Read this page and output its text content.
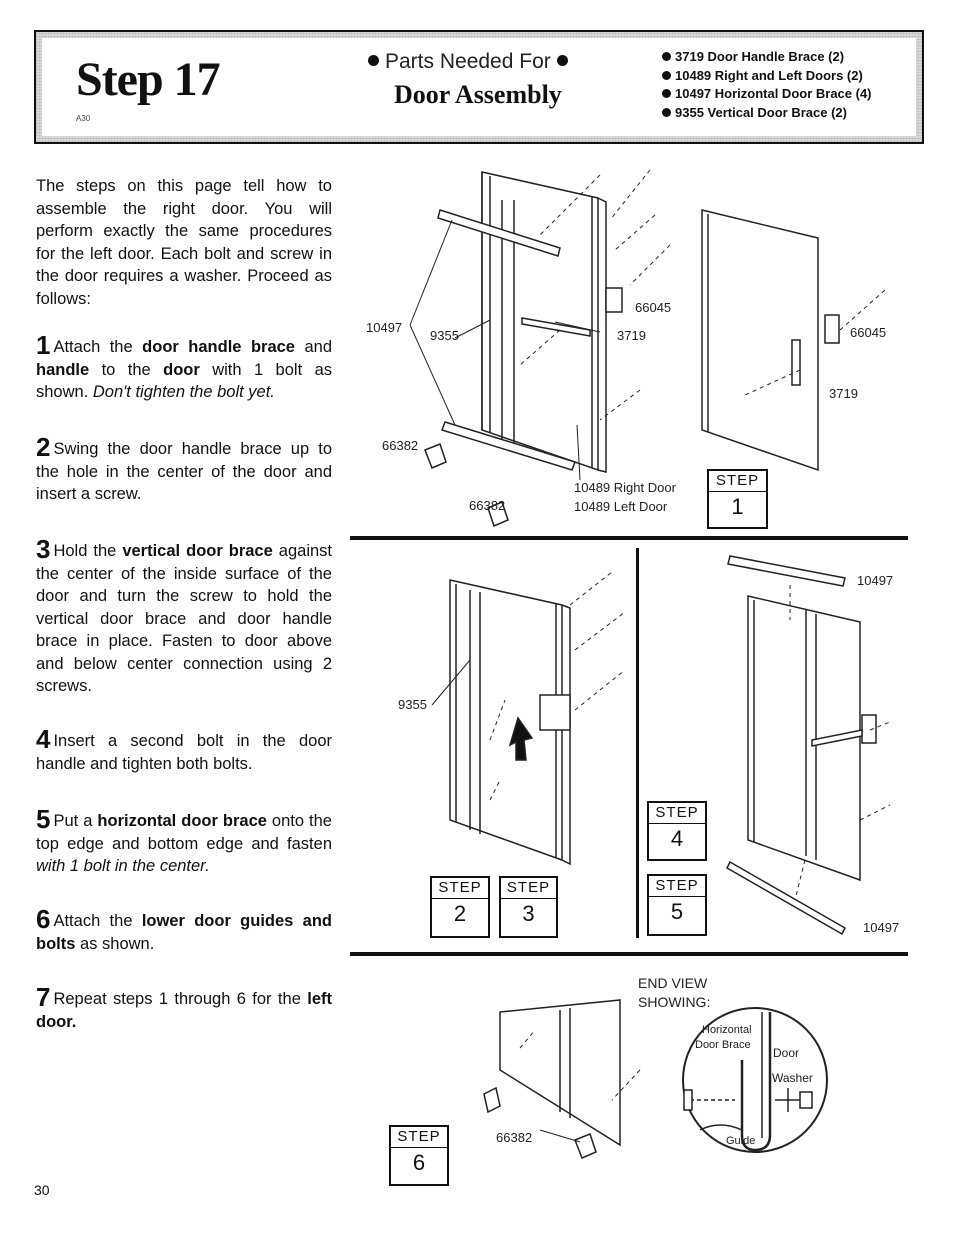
Step 17
A30
Parts Needed For
Door Assembly
3719 Door Handle Brace (2)
10489 Right and Left Doors (2)
10497 Horizontal Door Brace (4)
9355 Vertical Door Brace (2)
The steps on this page tell how to assemble the right door. You will perform exactly the same procedures for the left door. Each bolt and screw in the door requires a washer. Proceed as follows:
1 Attach the door handle brace and handle to the door with 1 bolt as shown. Don't tighten the bolt yet.
2 Swing the door handle brace up to the hole in the center of the door and insert a screw.
3 Hold the vertical door brace against the center of the inside surface of the door and turn the screw to hold the vertical door brace and door handle brace in place. Fasten to door above and below center connection using 2 screws.
4 Insert a second bolt in the door handle and tighten both bolts.
5 Put a horizontal door brace onto the top edge and bottom edge and fasten with 1 bolt in the center.
6 Attach the lower door guides and bolts as shown.
7 Repeat steps 1 through 6 for the left door.
30
10497
9355
66045
3719	66045
3719
66382
66382
10489 Right Door
10489 Left Door
9355
10497
10497
66382
END VIEW
SHOWING:
Horizontal
Door Brace
Door
Washer
Guide
STEP
1
STEP
2
STEP
3
STEP
4
STEP
5
STEP
6
